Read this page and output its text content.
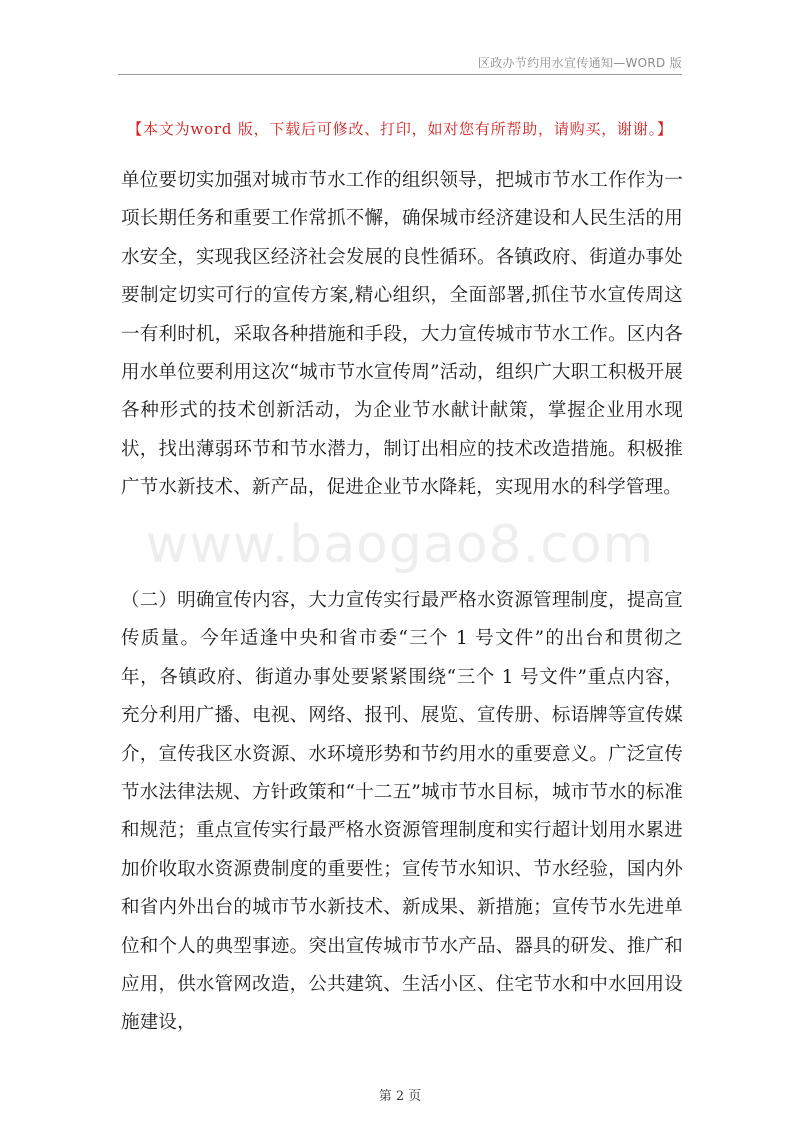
区政办节约用水宣传通知—WORD 版
【本文为word 版，下载后可修改、打印，如对您有所帮助，请购买，谢谢。】

单位要切实加强对城市节水工作的组织领导，把城市节水工作作为一项长期任务和重要工作常抓不懈，确保城市经济建设和人民生活的用水安全，实现我区经济社会发展的良性循环。各镇政府、街道办事处要制定切实可行的宣传方案,精心组织，全面部署,抓住节水宣传周这一有利时机，采取各种措施和手段，大力宣传城市节水工作。区内各用水单位要利用这次“城市节水宣传周”活动，组织广大职工积极开展各种形式的技术创新活动，为企业节水献计献策，掌握企业用水现状，找出薄弱环节和节水潜力，制订出相应的技术改造措施。积极推广节水新技术、新产品，促进企业节水降耗，实现用水的科学管理。

www.baogao8.com

（二）明确宣传内容，大力宣传实行最严格水资源管理制度，提高宣传质量。今年适逢中央和省市委“三个 1 号文件”的出台和贯彻之年，各镇政府、街道办事处要紧紧围绕“三个 1 号文件”重点内容，充分利用广播、电视、网络、报刊、展览、宣传册、标语牌等宣传媒介，宣传我区水资源、水环境形势和节约用水的重要意义。广泛宣传节水法律法规、方针政策和“十二五”城市节水目标，城市节水的标准和规范；重点宣传实行最严格水资源管理制度和实行超计划用水累进加价收取水资源费制度的重要性；宣传节水知识、节水经验，国内外和省内外出台的城市节水新技术、新成果、新措施；宣传节水先进单位和个人的典型事迹。突出宣传城市节水产品、器具的研发、推广和应用，供水管网改造，公共建筑、生活小区、住宅节水和中水回用设施建设，

第 2 页
